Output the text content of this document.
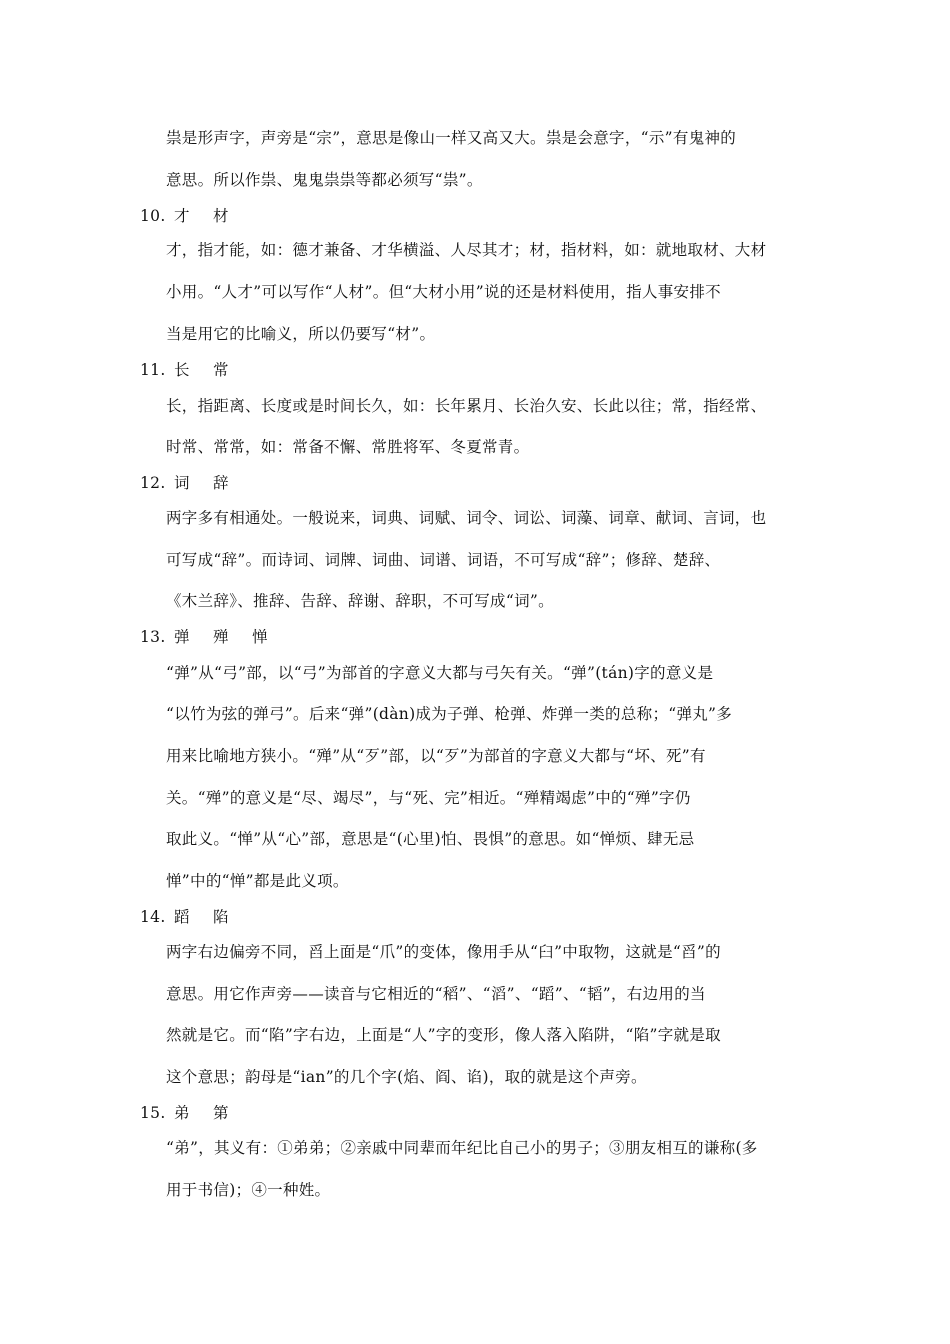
祟是形声字，声旁是“宗”，意思是像山一样又高又大。祟是会意字，“示”有鬼神的
意思。所以作祟、鬼鬼祟祟等都必须写“祟”。
10. 才　材
才，指才能，如：德才兼备、才华横溢、人尽其才；材，指材料，如：就地取材、大材
小用。“人才”可以写作“人材”。但“大材小用”说的还是材料使用，指人事安排不
当是用它的比喻义，所以仍要写“材”。
11. 长　常
长，指距离、长度或是时间长久，如：长年累月、长治久安、长此以往；常，指经常、
时常、常常，如：常备不懈、常胜将军、冬夏常青。
12. 词　辞
两字多有相通处。一般说来，词典、词赋、词令、词讼、词藻、词章、献词、言词，也
可写成“辞”。而诗词、词牌、词曲、词谱、词语，不可写成“辞”；修辞、楚辞、
《木兰辞》、推辞、告辞、辞谢、辞职，不可写成“词”。
13. 弹　殚　惮
“弹”从“弓”部，以“弓”为部首的字意义大都与弓矢有关。“弹”(tán)字的意义是
“以竹为弦的弹弓”。后来“弹”(dàn)成为子弹、枪弹、炸弹一类的总称；“弹丸”多
用来比喻地方狭小。“殚”从“歹”部，以“歹”为部首的字意义大都与“坏、死”有
关。“殚”的意义是“尽、竭尽”，与“死、完”相近。“殚精竭虑”中的“殚”字仍
取此义。“惮”从“心”部，意思是“(心里)怕、畏惧”的意思。如“惮烦、肆无忌
惮”中的“惮”都是此义项。
14. 蹈　陷
两字右边偏旁不同，舀上面是“爪”的变体，像用手从“臼”中取物，这就是“舀”的
意思。用它作声旁——读音与它相近的“稻”、“滔”、“蹈”、“韬”，右边用的当
然就是它。而“陷”字右边，上面是“人”字的变形，像人落入陷阱，“陷”字就是取
这个意思；韵母是“ian”的几个字(焰、阎、谄)，取的就是这个声旁。
15. 弟　第
“弟”，其义有：①弟弟；②亲戚中同辈而年纪比自己小的男子；③朋友相互的谦称(多
用于书信)；④一种姓。
